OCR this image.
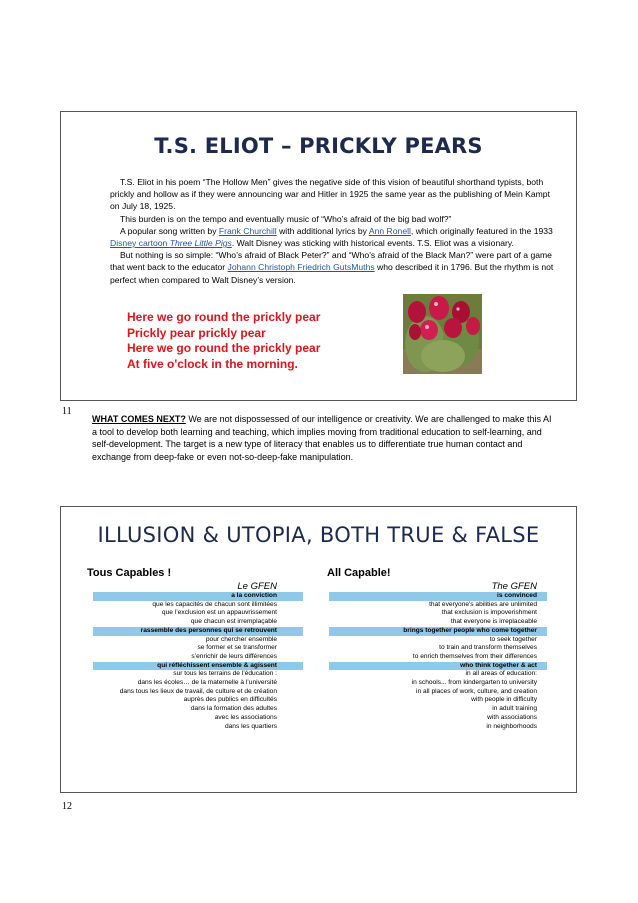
T.S. ELIOT – PRICKLY PEARS

T.S. Eliot in his poem “The Hollow Men” gives the negative side of this vision of beautiful shorthand typists, both prickly and hollow as if they were announcing war and Hitler in 1925 the same year as the publishing of Mein Kampt on July 18, 1925.

This burden is on the tempo and eventually music of “Who’s afraid of the big bad wolf?”

A popular song written by Frank Churchill with additional lyrics by Ann Ronell, which originally featured in the 1933 Disney cartoon Three Little Pigs. Walt Disney was sticking with historical events. T.S. Eliot was a visionary.

But nothing is so simple: “Who’s afraid of Black Peter?” and “Who’s afraid of the Black Man?” were part of a game that went back to the educator Johann Christoph Friedrich GutsMuths who described it in 1796. But the rhythm is not perfect when compared to Walt Disney’s version.

Here we go round the prickly pear
Prickly pear prickly pear
Here we go round the prickly pear
At five o'clock in the morning.
11
WHAT COMES NEXT? We are not dispossessed of our intelligence or creativity. We are challenged to make this AI a tool to develop both learning and teaching, which implies moving from traditional education to self-learning, and self-development. The target is a new type of literacy that enables us to differentiate true human contact and exchange from deep-fake or even not-so-deep-fake manipulation.
ILLUSION & UTOPIA, BOTH TRUE & FALSE
Tous Capables !
Le GFEN
a la conviction
que les capacités de chacun sont illimitées
que l’exclusion est un appauvrissement
que chacun est irremplaçable
rassemble des personnes qui se retrouvent
pour chercher ensemble
se former et se transformer
s’enrichir de leurs différences
qui réfléchissent ensemble & agissent
sur tous les terrains de l’éducation :
dans les écoles… de la maternelle à l’université
dans tous les lieux de travail, de culture et de création
auprès des publics en difficultés
dans la formation des adultes
avec les associations
dans les quartiers
All Capable!
The GFEN
is convinced
that everyone's abilities are unlimited
that exclusion is impoverishment
that everyone is irreplaceable
brings together people who come together
to seek together
to train and transform themselves
to enrich themselves from their differences
who think together & act
in all areas of education:
in schools... from kindergarten to university
in all places of work, culture, and creation
with people in difficulty
in adult training
with associations
in neighborhoods
12
